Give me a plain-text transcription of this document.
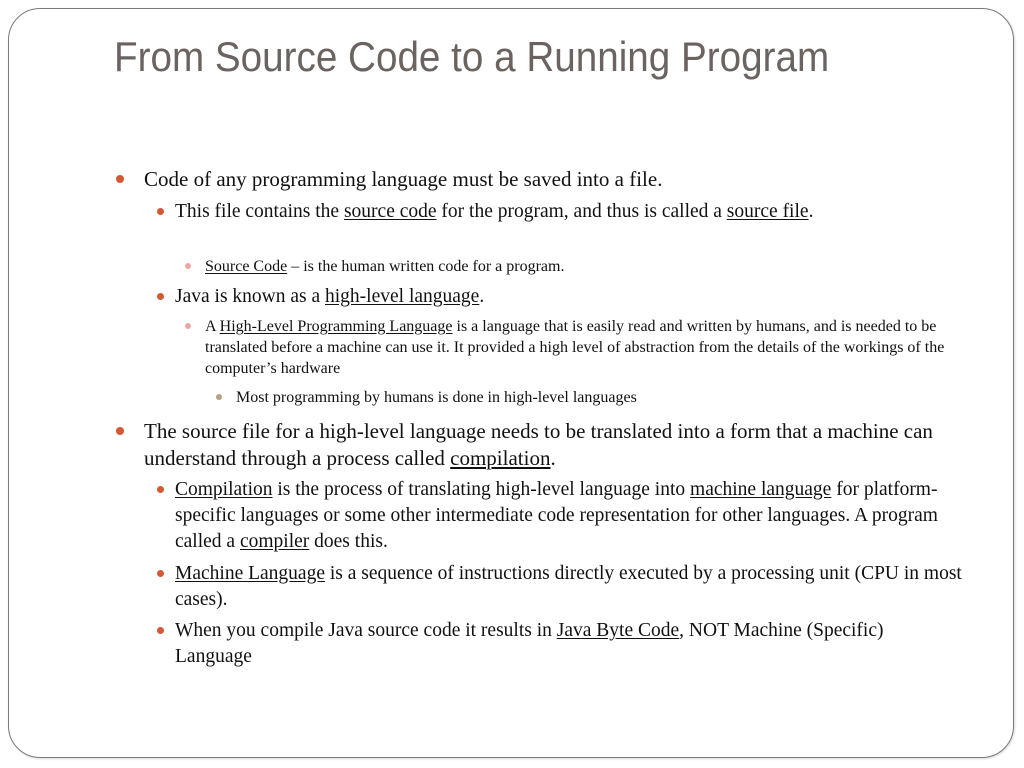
From Source Code to a Running Program
Code of any programming language must be saved into a file.
This file contains the source code for the program, and thus is called a source file.
Source Code – is the human written code for a program.
Java is known as a high-level language.
A High-Level Programming Language is a language that is easily read and written by humans, and is needed to be translated before a machine can use it. It provided a high level of abstraction from the details of the workings of the computer’s hardware
Most programming by humans is done in high-level languages
The source file for a high-level language needs to be translated into a form that a machine can understand through a process called compilation.
Compilation is the process of translating high-level language into machine language for platform-specific languages or some other intermediate code representation for other languages. A program called a compiler does this.
Machine Language is a sequence of instructions directly executed by a processing unit (CPU in most cases).
When you compile Java source code it results in Java Byte Code, NOT Machine (Specific) Language
